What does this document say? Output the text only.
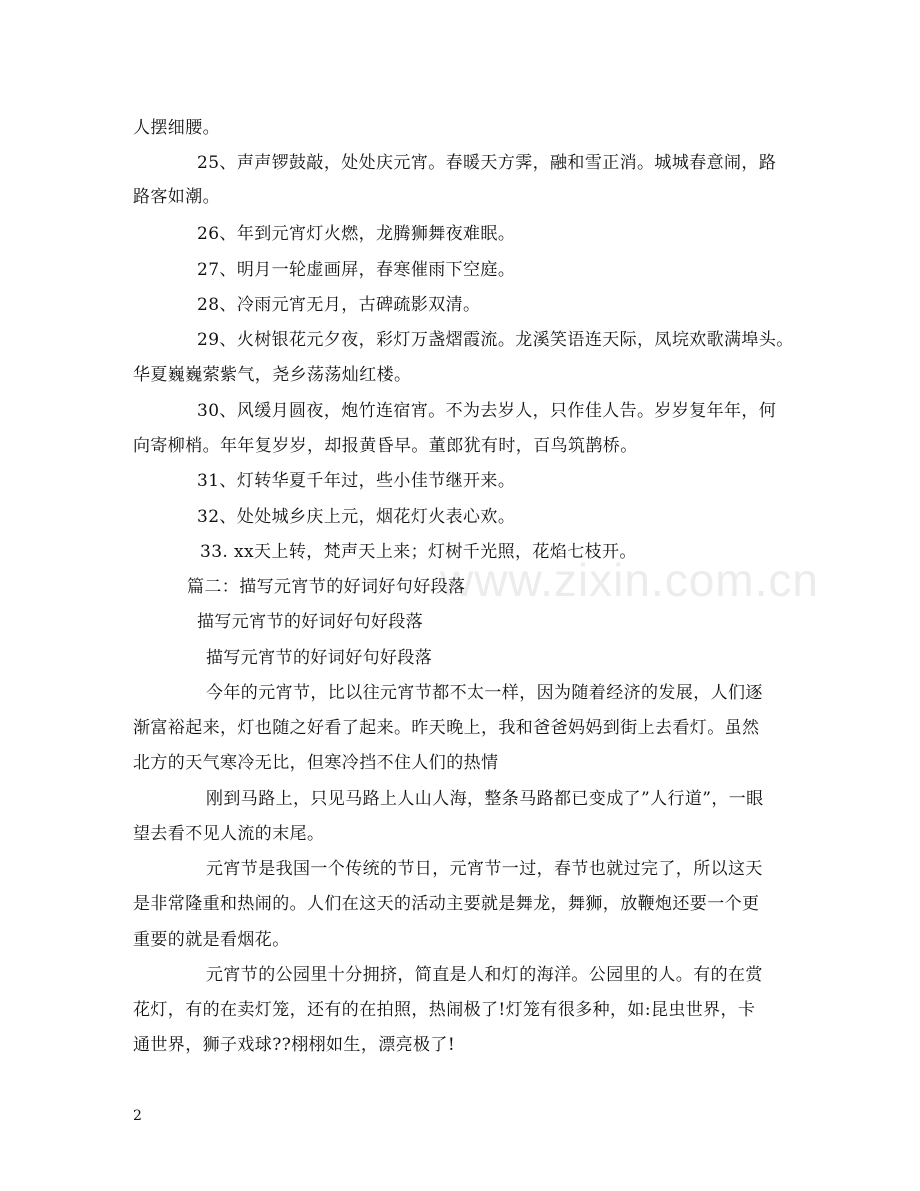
www.zixin.com.cn
人摆细腰。
25、声声锣鼓敲，处处庆元宵。春暖天方霁，融和雪正消。城城春意闹，路
路客如潮。
26、年到元宵灯火燃，龙腾狮舞夜难眠。
27、明月一轮虚画屏，春寒催雨下空庭。
28、冷雨元宵无月，古碑疏影双清。
29、火树银花元夕夜，彩灯万盏熠霞流。龙溪笑语连天际，凤垸欢歌满埠头。
华夏巍巍萦紫气，尧乡荡荡灿红楼。
30、风缓月圆夜，炮竹连宿宵。不为去岁人，只作佳人告。岁岁复年年，何
向寄柳梢。年年复岁岁，却报黄昏早。董郎犹有时，百鸟筑鹊桥。
31、灯转华夏千年过，些小佳节继开来。
32、处处城乡庆上元，烟花灯火表心欢。
33. xx天上转，梵声天上来；灯树千光照，花焰七枝开。
篇二：描写元宵节的好词好句好段落
描写元宵节的好词好句好段落
描写元宵节的好词好句好段落
今年的元宵节，比以往元宵节都不太一样，因为随着经济的发展，人们逐
渐富裕起来，灯也随之好看了起来。昨天晚上，我和爸爸妈妈到街上去看灯。虽然
北方的天气寒冷无比，但寒冷挡不住人们的热情
刚到马路上，只见马路上人山人海，整条马路都已变成了”人行道”，一眼
望去看不见人流的末尾。
元宵节是我国一个传统的节日，元宵节一过，春节也就过完了，所以这天
是非常隆重和热闹的。人们在这天的活动主要就是舞龙，舞狮，放鞭炮还要一个更
重要的就是看烟花。
元宵节的公园里十分拥挤，简直是人和灯的海洋。公园里的人。有的在赏
花灯，有的在卖灯笼，还有的在拍照，热闹极了!灯笼有很多种，如:昆虫世界，卡
通世界，狮子戏球??栩栩如生，漂亮极了!
2
